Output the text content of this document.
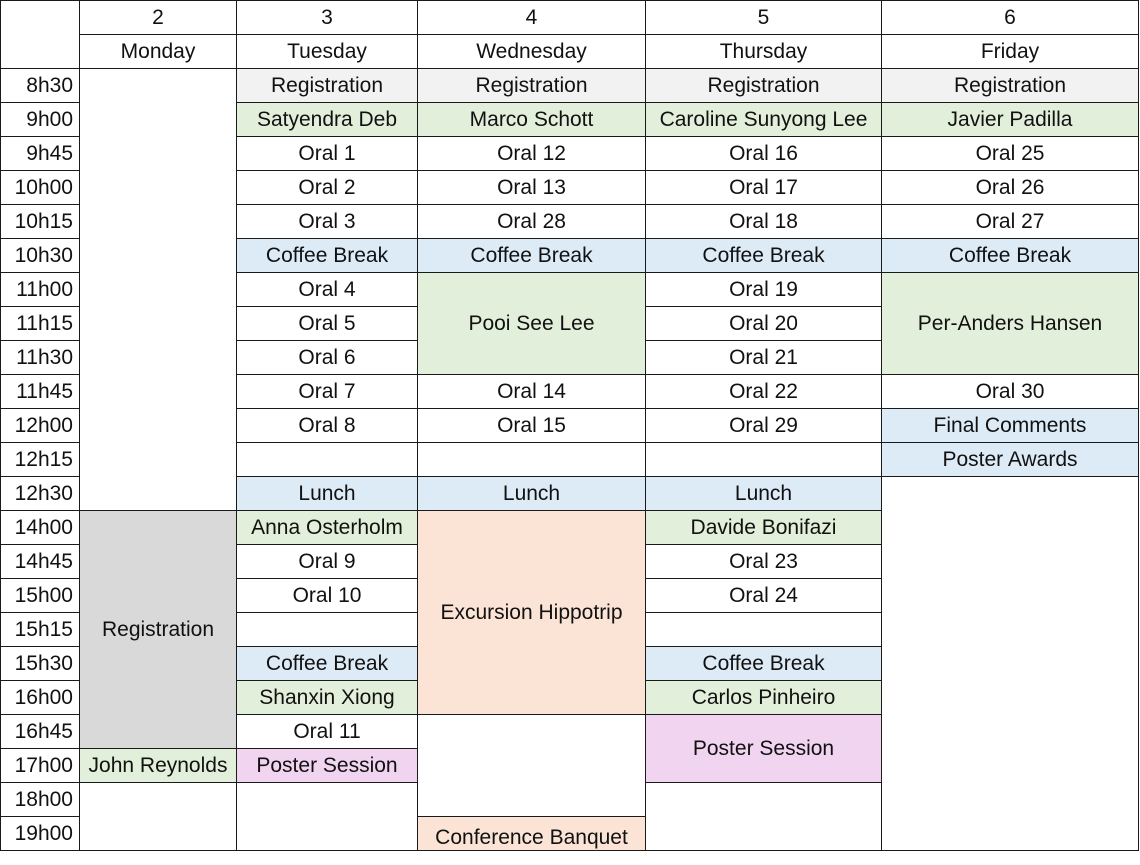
	2	3	4	5	6
	Monday	Tuesday	Wednesday	Thursday	Friday
8h30		Registration	Registration	Registration	Registration
9h00		Satyendra Deb	Marco Schott	Caroline Sunyong Lee	Javier Padilla
9h45		Oral 1	Oral 12	Oral 16	Oral 25
10h00		Oral 2	Oral 13	Oral 17	Oral 26
10h15		Oral 3	Oral 28	Oral 18	Oral 27
10h30		Coffee Break	Coffee Break	Coffee Break	Coffee Break
11h00		Oral 4	Pooi See Lee	Oral 19	Per-Anders Hansen
11h15		Oral 5		Oral 20	
11h30		Oral 6		Oral 21	
11h45		Oral 7	Oral 14	Oral 22	Oral 30
12h00		Oral 8	Oral 15	Oral 29	Final Comments
12h15					Poster Awards
12h30		Lunch	Lunch	Lunch	
14h00	Registration	Anna Osterholm	Excursion Hippotrip	Davide Bonifazi	
14h45		Oral 9		Oral 23	
15h00		Oral 10		Oral 24	
15h15					
15h30		Coffee Break		Coffee Break	
16h00		Shanxin Xiong		Carlos Pinheiro	
16h45		Oral 11		Poster Session	
17h00	John Reynolds	Poster Session			
18h00					
19h00			Conference Banquet		
